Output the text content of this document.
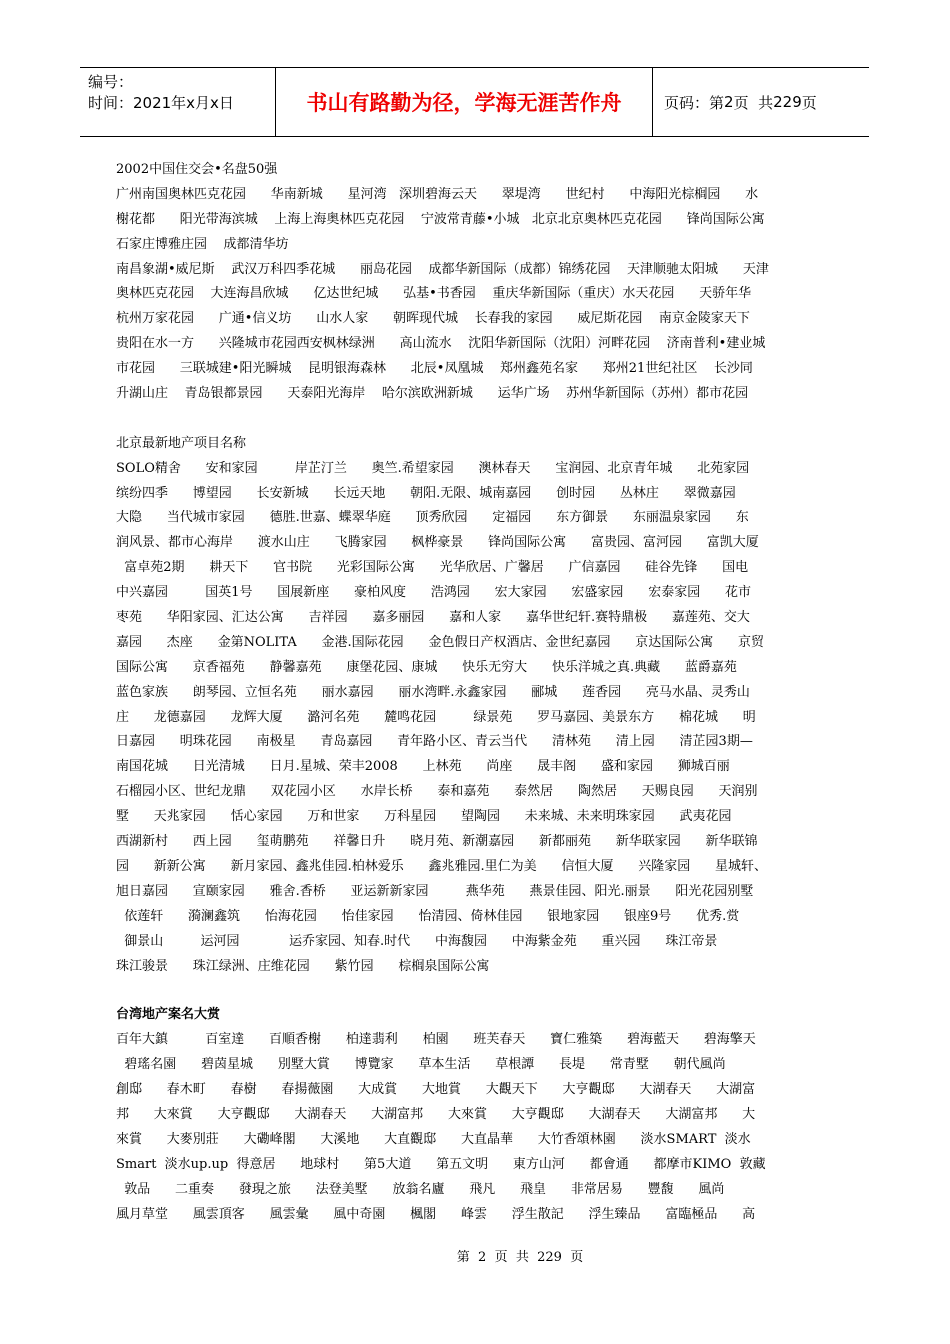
编号：
时间：2021年x月x日	书山有路勤为径，学海无涯苦作舟	页码：第 2 页  共 229 页
2002中国住交会•名盘50强
广州南国奥林匹克花园      华南新城      星河湾   深圳碧海云天      翠堤湾      世纪村      中海阳光棕榈园      水
榭花都      阳光带海滨城    上海上海奥林匹克花园    宁波常青藤•小城   北京北京奥林匹克花园      锋尚国际公寓
石家庄博雅庄园    成都清华坊
南昌象湖•威尼斯    武汉万科四季花城      丽岛花园    成都华新国际（成都）锦绣花园    天津顺驰太阳城      天津
奥林匹克花园    大连海昌欣城      亿达世纪城      弘基•书香园    重庆华新国际（重庆）水天花园      天骄年华
杭州万家花园      广通•信义坊      山水人家      朝晖现代城    长春我的家园      威尼斯花园    南京金陵家天下
贵阳在水一方      兴隆城市花园西安枫林绿洲      高山流水    沈阳华新国际（沈阳）河畔花园    济南普利•建业城
市花园      三联城建•阳光瞬城    昆明银海森林      北辰•凤凰城    郑州鑫苑名家      郑州21世纪社区    长沙同
升湖山庄    青岛银都景园      天泰阳光海岸    哈尔滨欧洲新城      运华广场    苏州华新国际（苏州）都市花园
北京最新地产项目名称
SOLO精舍      安和家园         岸芷汀兰      奥竺.希望家园      澳林春天      宝润园、北京青年城      北苑家园
缤纷四季      博望园      长安新城      长远天地      朝阳.无限、城南嘉园      创时园      丛林庄      翠微嘉园
大隐      当代城市家园      德胜.世嘉、蝶翠华庭      顶秀欣园      定福园      东方御景      东丽温泉家园      东
润风景、都市心海岸      渡水山庄      飞腾家园      枫桦豪景      锋尚国际公寓      富贵园、富河园      富凯大厦
富卓苑2期      耕天下      官书院      光彩国际公寓      光华欣居、广馨居      广信嘉园      硅谷先锋      国电
中兴嘉园         国英1号      国展新座      豪柏风度      浩鸿园      宏大家园      宏盛家园      宏泰家园      花市
枣苑      华阳家园、汇达公寓      吉祥园      嘉多丽园      嘉和人家      嘉华世纪轩.赛特鼎极      嘉莲苑、交大
嘉园      杰座      金第NOLITA      金港.国际花园      金色假日产权酒店、金世纪嘉园      京达国际公寓      京贸
国际公寓      京香福苑      静馨嘉苑      康堡花园、康城      快乐无穷大      快乐洋城之真.典藏      蓝爵嘉苑
蓝色家族      朗琴园、立恒名苑      丽水嘉园      丽水湾畔.永鑫家园      郦城      莲香园      亮马水晶、灵秀山
庄      龙德嘉园      龙辉大厦      潞河名苑      麓鸣花园         绿景苑      罗马嘉园、美景东方      棉花城      明
日嘉园      明珠花园      南极星      青岛嘉园      青年路小区、青云当代      清林苑      清上园      清芷园3期—
南国花城      日光清城      日月.星城、荣丰2008      上林苑      尚座      晟丰阁      盛和家园      狮城百丽
石榴园小区、世纪龙鼎      双花园小区      水岸长桥      泰和嘉苑      泰然居      陶然居      天赐良园      天润别
墅      天兆家园      恬心家园      万和世家      万科星园      望陶园      未来城、未来明珠家园      武夷花园
西湖新村      西上园      玺萌鹏苑      祥馨日升      晓月苑、新潮嘉园      新都丽苑      新华联家园      新华联锦
园      新新公寓      新月家园、鑫兆佳园.柏林爱乐      鑫兆雅园.里仁为美      信恒大厦      兴隆家园      星城轩、
旭日嘉园      宣颐家园      雅舍.香桥      亚运新新家园         燕华苑      燕景佳园、阳光.丽景      阳光花园别墅
依莲轩      漪澜鑫筑      怡海花园      怡佳家园      怡清园、倚林佳园      银地家园      银座9号      优秀.赏
御景山         运河园            运乔家园、知春.时代      中海馥园      中海紫金苑      重兴园      珠江帝景
珠江骏景      珠江绿洲、庄维花园      紫竹园      棕榈泉国际公寓
台湾地产案名大赏
百年大鎮         百室達      百順香榭      柏達翡利      柏園      班芙春天      寶仁雅築      碧海藍天      碧海擎天
碧瑤名園      碧茵星城      別墅大賞      博覽家      草本生活      草根譚      長堤      常青墅      朝代風尚
創邸      春木町      春樹      春揚薇園      大成賞      大地賞      大觀天下      大亨觀邸      大湖春天      大湖富
邦      大來賞      大亨觀邸      大湖春天      大湖富邦      大來賞      大亨觀邸      大湖春天      大湖富邦      大
來賞      大麥別莊      大磡峰閣      大溪地      大直觀邸      大直晶華      大竹香頌林園      淡水SMART  淡水
Smart  淡水up.up  得意居      地球村      第5大道      第五文明      東方山河      都會通      都摩市KIMO  敦藏
敦品      二重奏      發現之旅      法登美墅      放翁名廬      飛凡      飛皇      非常居易      豐馥      風尚
風月草堂      風雲頂客      風雲彙      風中奇園      楓閣      峰雲      浮生散記      浮生臻品      富臨極品      高
第  2  页  共  229  页
